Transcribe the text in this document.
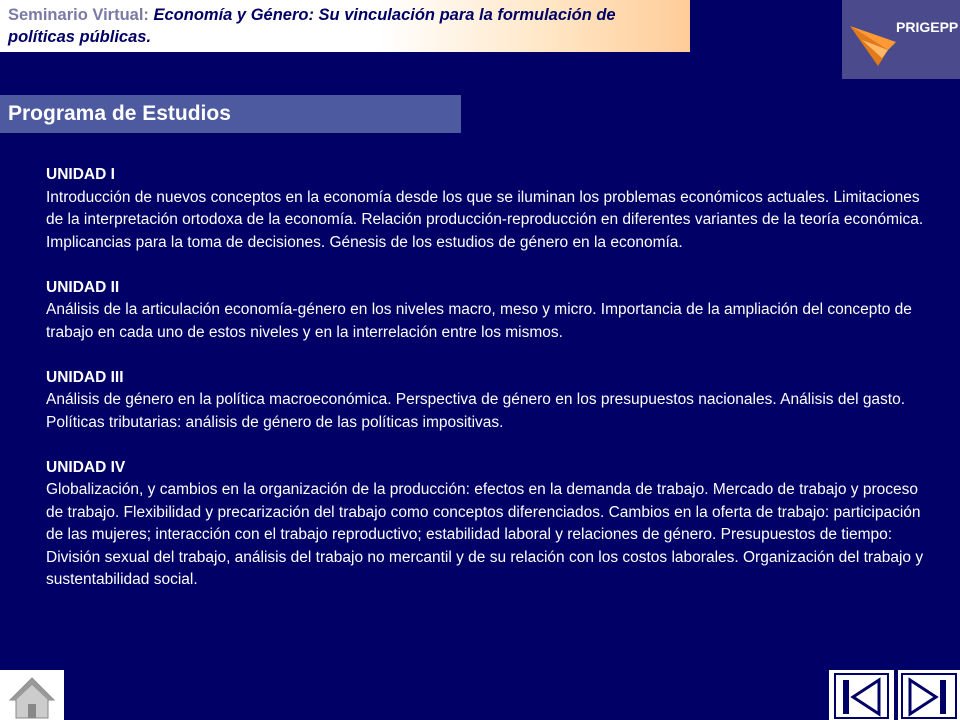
Seminario Virtual: Economía y Género: Su vinculación para la formulación de políticas públicas.
PRIGEPP
Programa de Estudios
UNIDAD I

Introducción de nuevos conceptos en la economía desde los que se iluminan los problemas económicos actuales. Limitaciones de la interpretación ortodoxa de la economía. Relación producción-reproducción en diferentes variantes de la teoría económica. Implicancias para la toma de decisiones. Génesis de los estudios de género en la economía.

UNIDAD II

Análisis de la articulación economía-género en los niveles macro, meso y micro. Importancia de la ampliación del concepto de trabajo en cada uno de estos niveles y en la interrelación entre los mismos.

UNIDAD III

Análisis de género en la política macroeconómica. Perspectiva de género en los presupuestos nacionales. Análisis del gasto. Políticas tributarias: análisis de género de las políticas impositivas.

UNIDAD IV

Globalización, y cambios en la organización de la producción: efectos en la demanda de trabajo. Mercado de trabajo y proceso de trabajo. Flexibilidad y precarización del trabajo como conceptos diferenciados. Cambios en la oferta de trabajo: participación de las mujeres; interacción con el trabajo reproductivo; estabilidad laboral y relaciones de género. Presupuestos de tiempo: División sexual del trabajo, análisis del trabajo no mercantil y de su relación con los costos laborales. Organización del trabajo y sustentabilidad social.
